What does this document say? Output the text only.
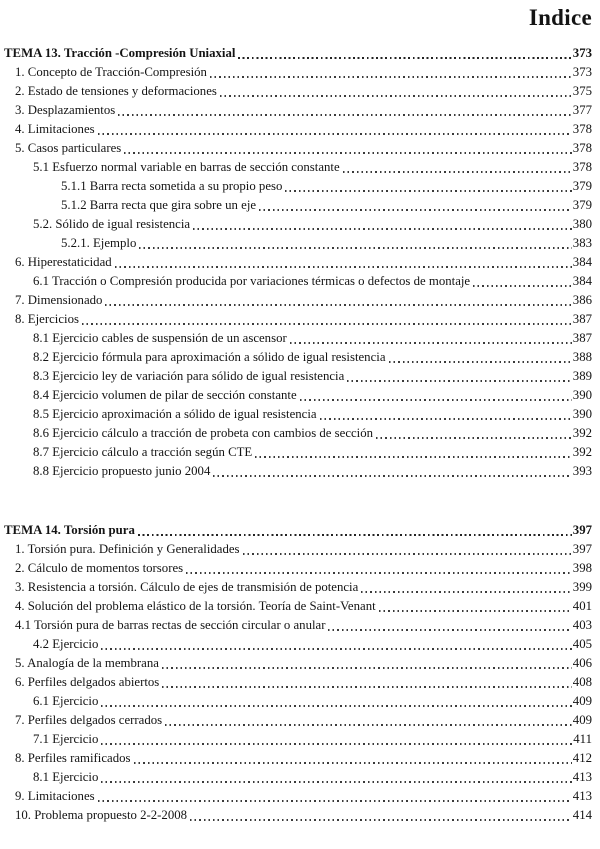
Indice
TEMA 13. Tracción -Compresión Uniaxial	373
1. Concepto de Tracción-Compresión	373
2. Estado de tensiones y deformaciones	375
3. Desplazamientos	377
4. Limitaciones	378
5. Casos particulares	378
5.1 Esfuerzo normal variable en barras de sección constante	378
5.1.1 Barra recta sometida a su propio peso	379
5.1.2 Barra recta que gira sobre un eje	379
5.2. Sólido de igual resistencia	380
5.2.1. Ejemplo	383
6. Hiperestaticidad	384
6.1 Tracción o Compresión producida por variaciones térmicas o defectos de montaje	384
7. Dimensionado	386
8. Ejercicios	387
8.1 Ejercicio cables de suspensión de un ascensor	387
8.2 Ejercicio fórmula para aproximación a sólido de igual resistencia	388
8.3 Ejercicio ley de variación para sólido de igual resistencia	389
8.4 Ejercicio volumen de pilar de sección constante	390
8.5 Ejercicio aproximación a sólido de igual resistencia	390
8.6 Ejercicio cálculo a tracción de probeta con cambios de sección	392
8.7 Ejercicio cálculo a tracción según CTE	392
8.8 Ejercicio propuesto junio 2004	393
TEMA 14. Torsión pura	397
1. Torsión pura. Definición y Generalidades	397
2. Cálculo de momentos torsores	398
3. Resistencia a torsión. Cálculo de ejes de transmisión de potencia	399
4. Solución del problema elástico de la torsión. Teoría de Saint-Venant	401
4.1 Torsión pura de barras rectas de sección circular o anular	403
4.2 Ejercicio	405
5. Analogía de la membrana	406
6. Perfiles delgados abiertos	408
6.1 Ejercicio	409
7. Perfiles delgados cerrados	409
7.1 Ejercicio	411
8. Perfiles ramificados	412
8.1 Ejercicio	413
9. Limitaciones	413
10. Problema propuesto 2-2-2008	414
